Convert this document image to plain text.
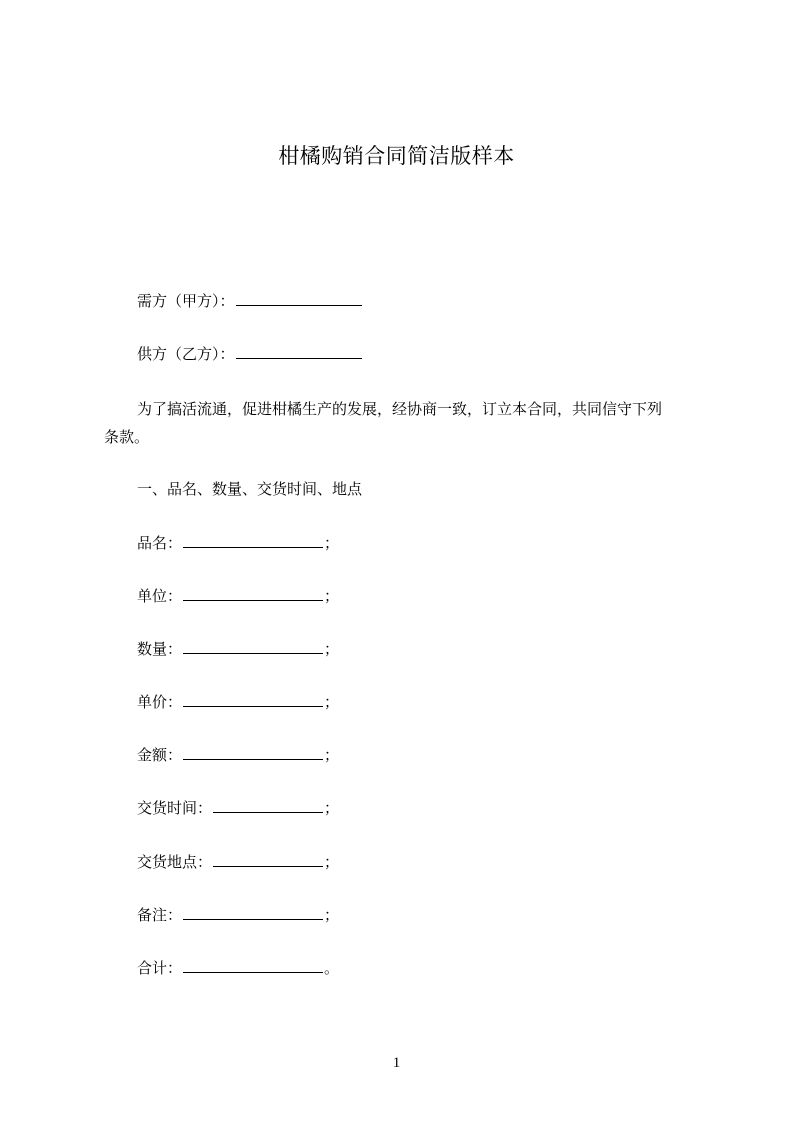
柑橘购销合同简洁版样本
需方（甲方）：
供方（乙方）：
为了搞活流通，促进柑橘生产的发展，经协商一致，订立本合同，共同信守下列
条款。
一、品名、数量、交货时间、地点
品名：	；
单位：	；
数量：	；
单价：	；
金额：	；
交货时间：	；
交货地点：	；
备注：	；
合计：	。
1
